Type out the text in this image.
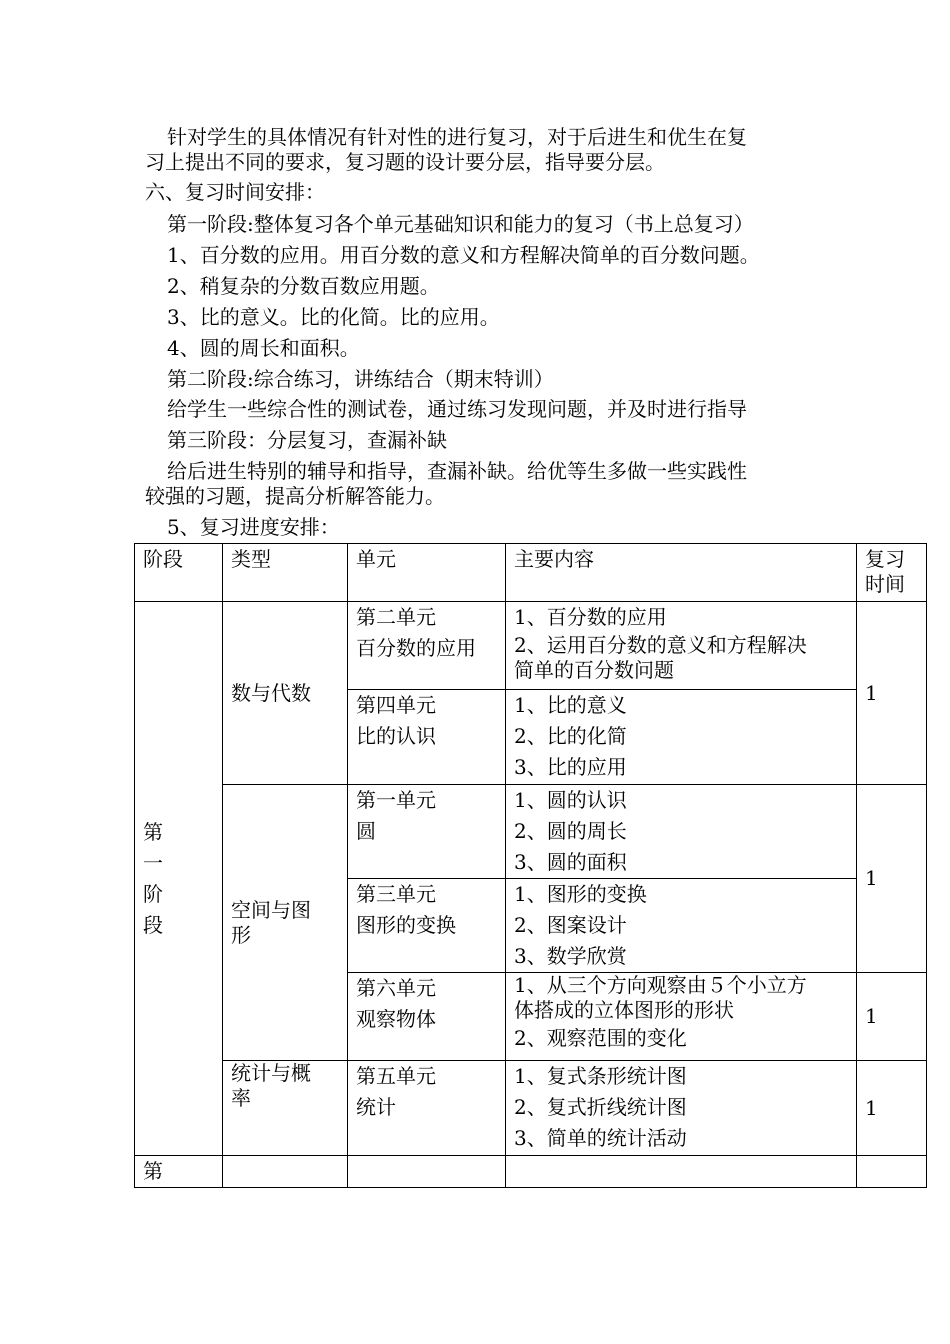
针对学生的具体情况有针对性的进行复习，对于后进生和优生在复
习上提出不同的要求，复习题的设计要分层，指导要分层。
六、复习时间安排：
第一阶段:整体复习各个单元基础知识和能力的复习（书上总复习）
1、百分数的应用。用百分数的意义和方程解决简单的百分数问题。
2、稍复杂的分数百数应用题。
3、比的意义。比的化简。比的应用。
4、圆的周长和面积。
第二阶段:综合练习，讲练结合（期末特训）
给学生一些综合性的测试卷，通过练习发现问题，并及时进行指导
第三阶段：分层复习，查漏补缺
给后进生特别的辅导和指导，查漏补缺。给优等生多做一些实践性
较强的习题，提高分析解答能力。
5、复习进度安排：
阶段	类型	单元	主要内容	复习
时间

第
一
阶
段	数与代数	第二单元
百分数的应用	1、百分数的应用
2、运用百分数的意义和方程解决
简单的百分数问题	1

		第四单元
比的认识	1、比的意义
2、比的化简
3、比的应用	

	空间与图
形	第一单元
圆	1、圆的认识
2、圆的周长
3、圆的面积	1

		第三单元
图形的变换	1、图形的变换
2、图案设计
3、数学欣赏	

		第六单元
观察物体	1、从三个方向观察由５个小立方
体搭成的立体图形的形状
2、观察范围的变化	1

	统计与概
率	第五单元
统计	1、复式条形统计图
2、复式折线统计图
3、简单的统计活动	1
第				
